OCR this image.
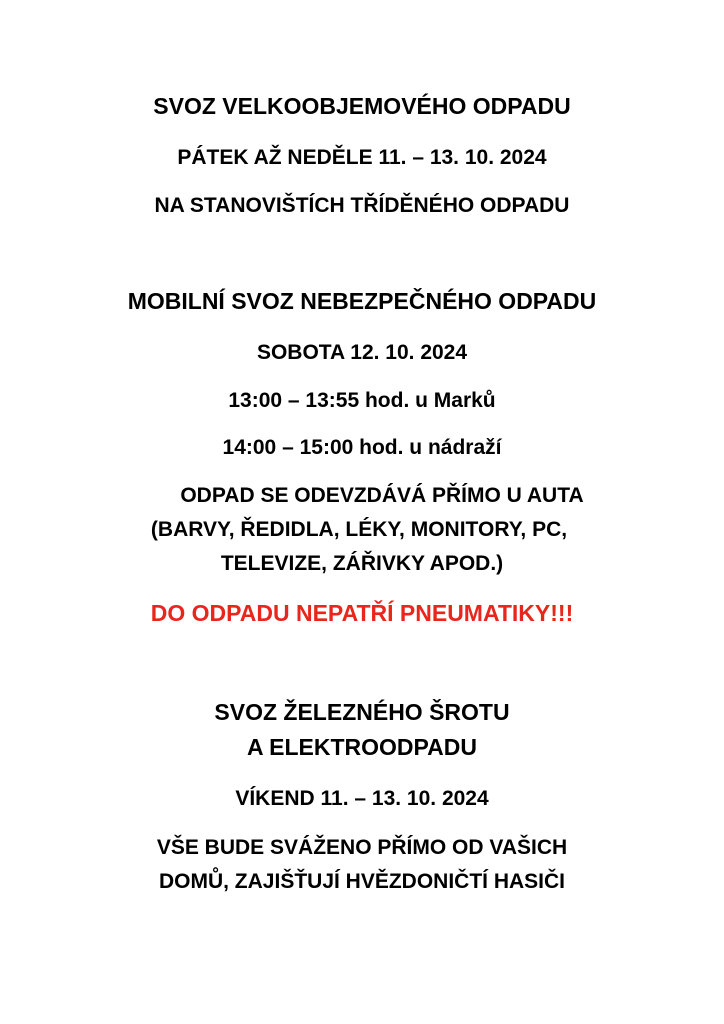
SVOZ VELKOOBJEMOVÉHO ODPADU
PÁTEK AŽ NEDĚLE 11. – 13. 10. 2024
NA STANOVIŠTÍCH TŘÍDĚNÉHO ODPADU
MOBILNÍ SVOZ NEBEZPEČNÉHO ODPADU
SOBOTA 12. 10. 2024
13:00 – 13:55 hod. u Marků
14:00 – 15:00 hod. u nádraží
ODPAD SE ODEVZDÁVÁ PŘÍMO U AUTA
(BARVY, ŘEDIDLA, LÉKY, MONITORY, PC,
TELEVIZE, ZÁŘIVKY APOD.)
DO ODPADU NEPATŘÍ PNEUMATIKY!!!
SVOZ ŽELEZNÉHO ŠROTU
A ELEKTROODPADU
VÍKEND 11. – 13. 10. 2024
VŠE BUDE SVÁŽENO PŘÍMO OD VAŠICH
DOMŮ, ZAJIŠŤUJÍ HVĚZDONIČTÍ HASIČI
